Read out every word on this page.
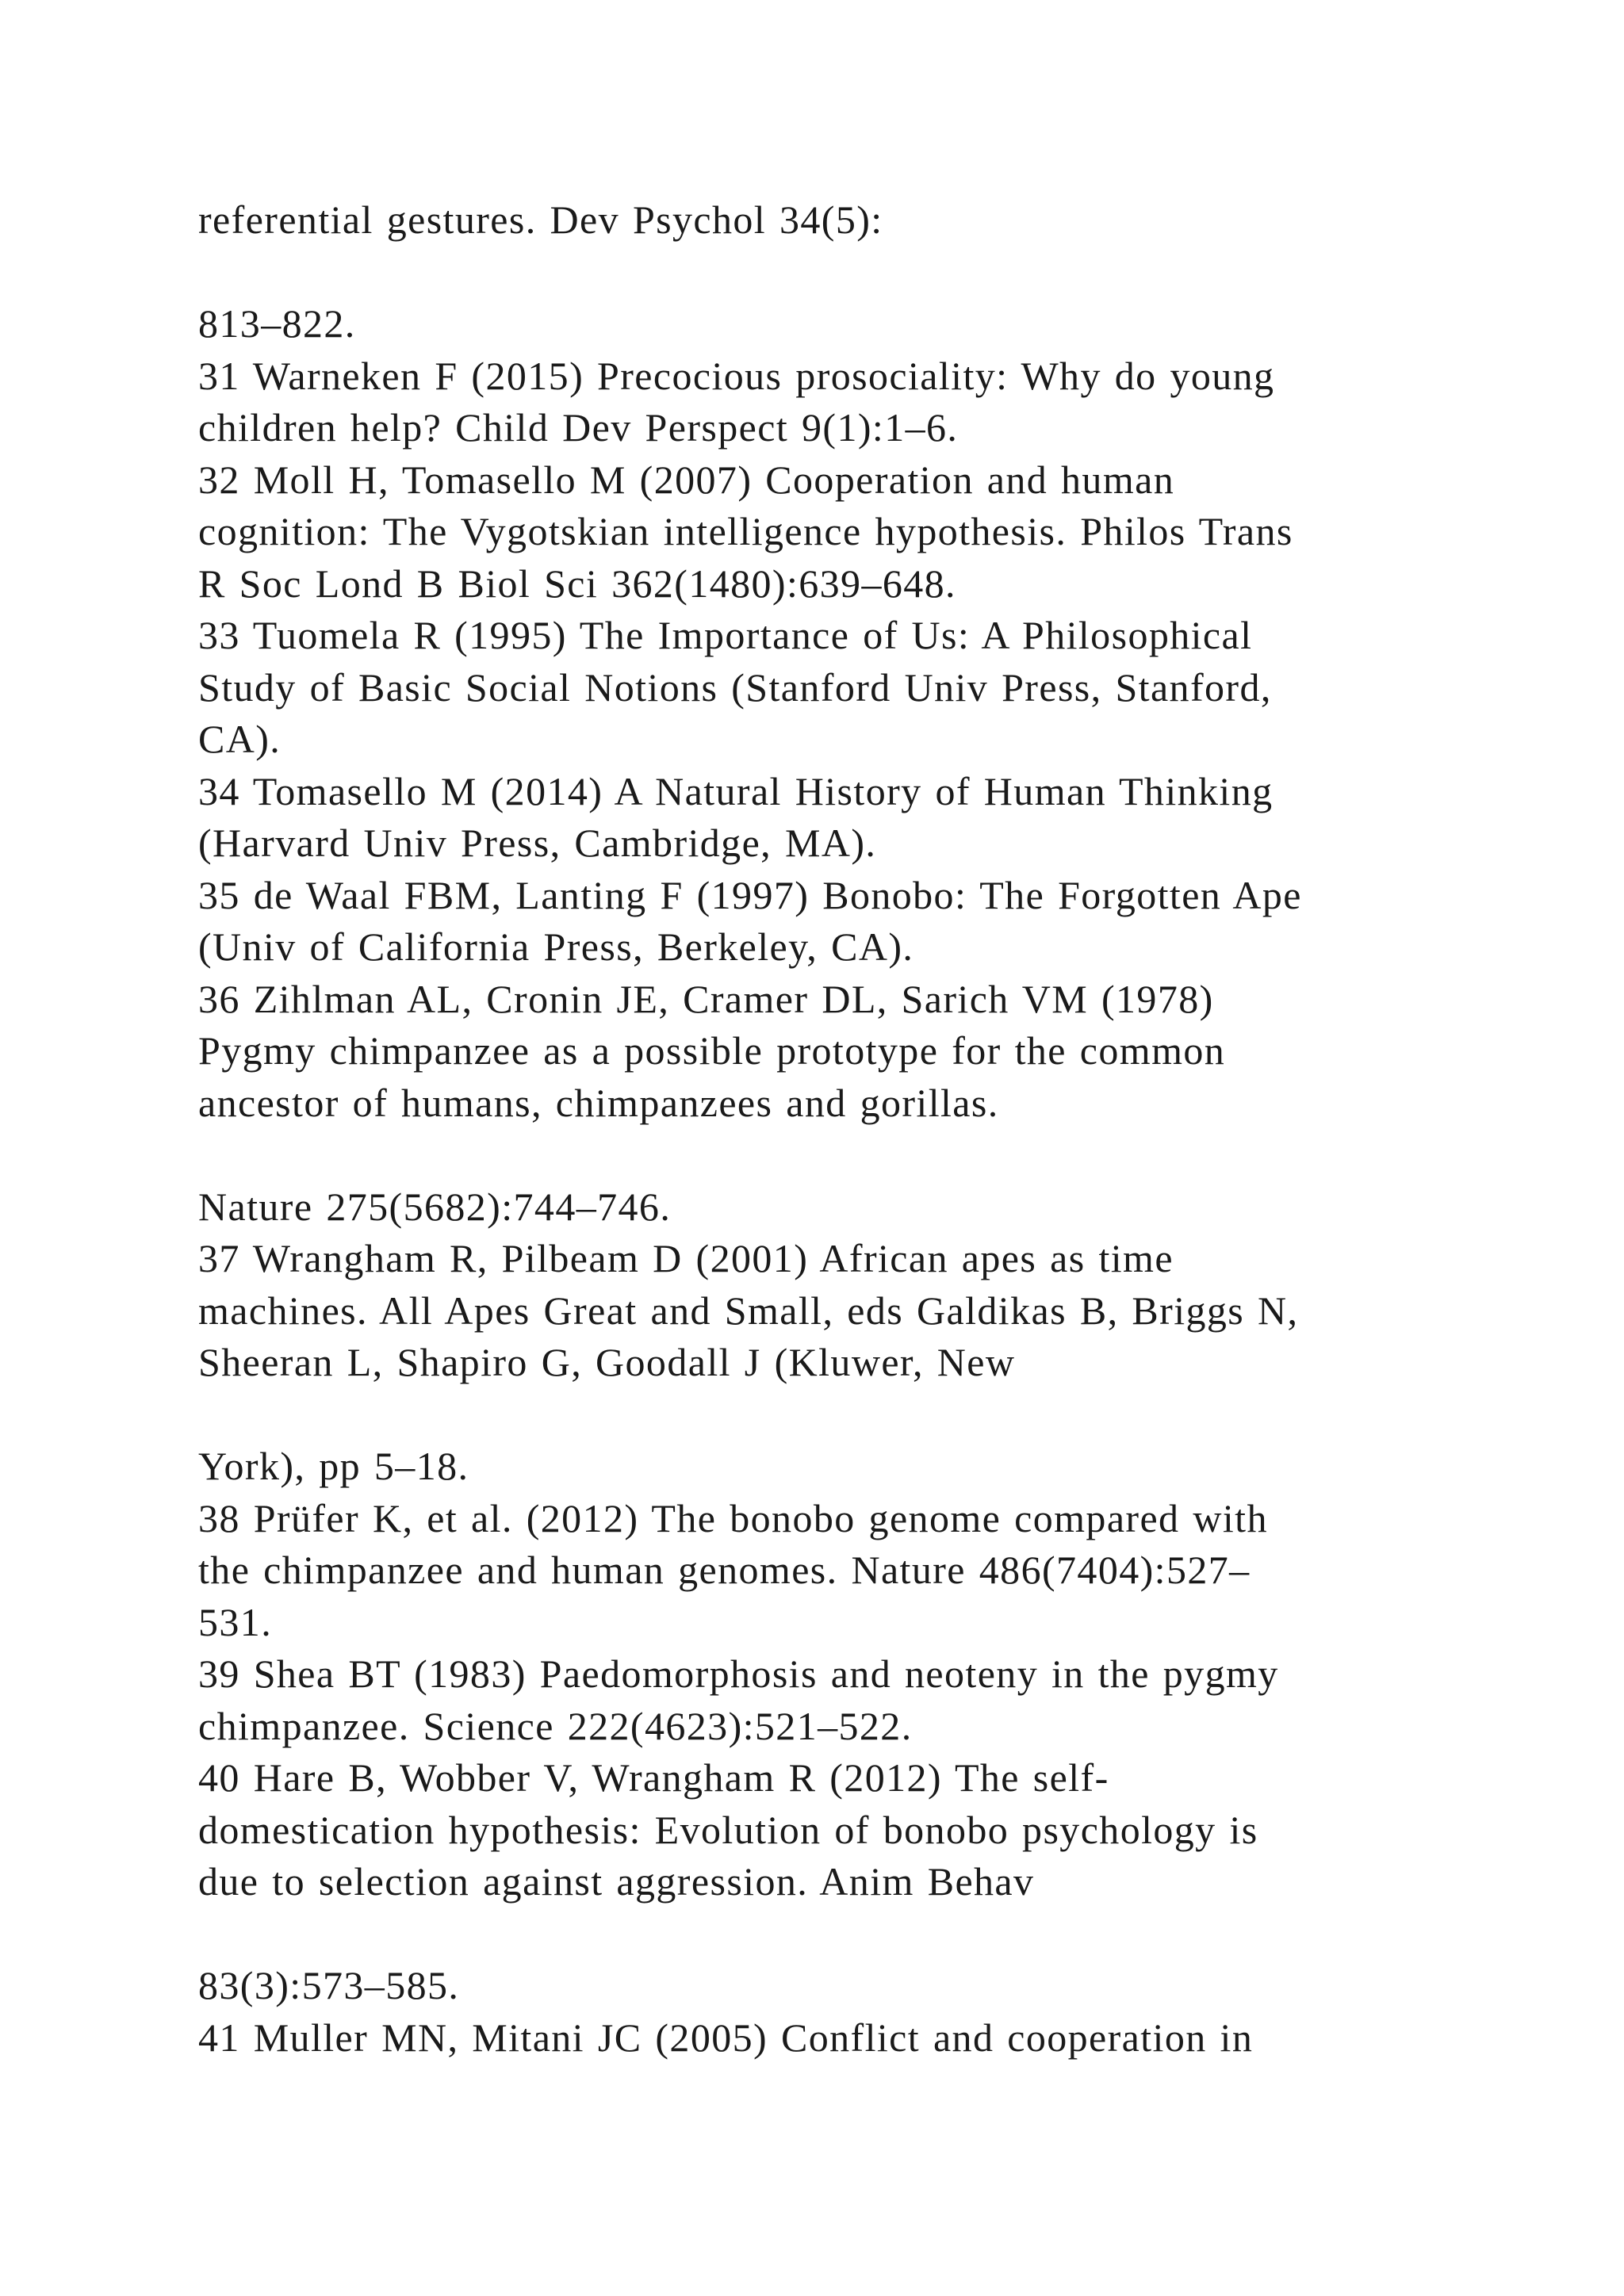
referential gestures. Dev Psychol 34(5):
813–822.
31 Warneken F (2015) Precocious prosociality: Why do young
children help? Child Dev Perspect 9(1):1–6.
32 Moll H, Tomasello M (2007) Cooperation and human
cognition: The Vygotskian intelligence hypothesis. Philos Trans
R Soc Lond B Biol Sci 362(1480):639–648.
33 Tuomela R (1995) The Importance of Us: A Philosophical
Study of Basic Social Notions (Stanford Univ Press, Stanford,
CA).
34 Tomasello M (2014) A Natural History of Human Thinking
(Harvard Univ Press, Cambridge, MA).
35 de Waal FBM, Lanting F (1997) Bonobo: The Forgotten Ape
(Univ of California Press, Berkeley, CA).
36 Zihlman AL, Cronin JE, Cramer DL, Sarich VM (1978)
Pygmy chimpanzee as a possible prototype for the common
ancestor of humans, chimpanzees and gorillas.
Nature 275(5682):744–746.
37 Wrangham R, Pilbeam D (2001) African apes as time
machines. All Apes Great and Small, eds Galdikas B, Briggs N,
Sheeran L, Shapiro G, Goodall J (Kluwer, New
York), pp 5–18.
38 Prüfer K, et al. (2012) The bonobo genome compared with
the chimpanzee and human genomes. Nature 486(7404):527–
531.
39 Shea BT (1983) Paedomorphosis and neoteny in the pygmy
chimpanzee. Science 222(4623):521–522.
40 Hare B, Wobber V, Wrangham R (2012) The self-
domestication hypothesis: Evolution of bonobo psychology is
due to selection against aggression. Anim Behav
83(3):573–585.
41 Muller MN, Mitani JC (2005) Conflict and cooperation in
